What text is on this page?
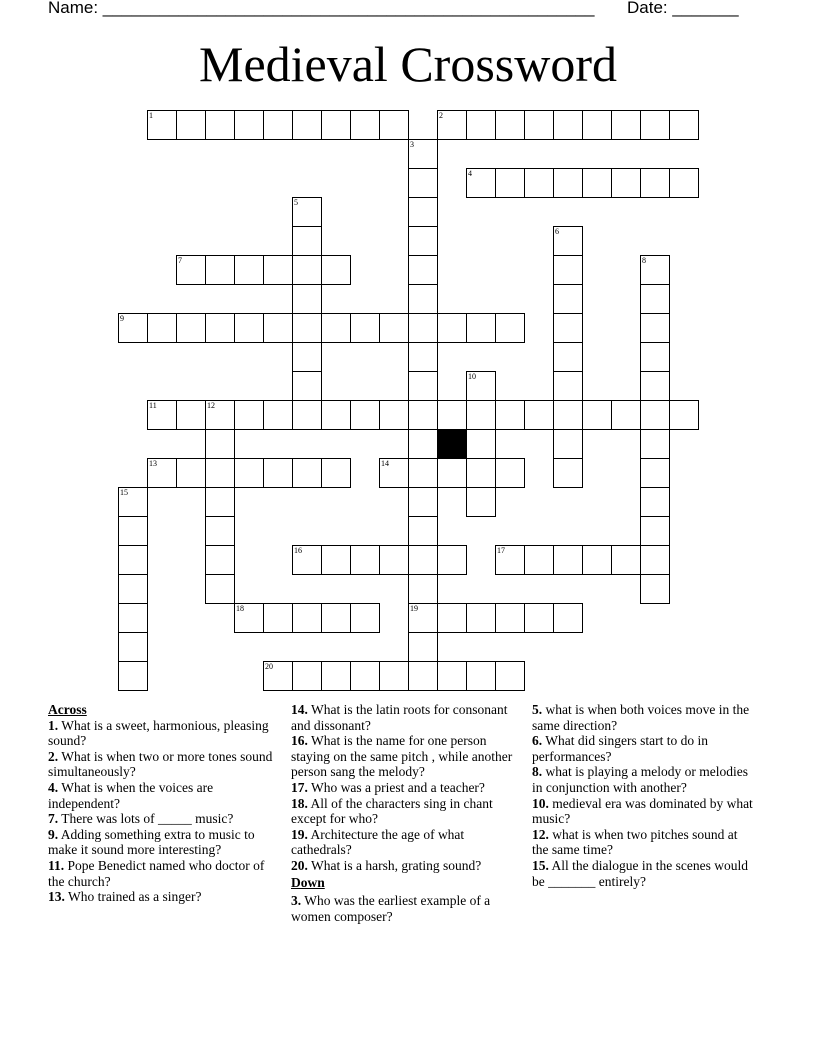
Name: ____________________________________________________ Date: _______
Medieval Crossword
1	2
3
19
4
5
6
7	8
9
10
11	12
13	14
15
16	17
18
20
Across
1. What is a sweet, harmonious, pleasing sound?
2. What is when two or more tones sound simultaneously?
4. What is when the voices are independent?
7. There was lots of _____ music?
9. Adding something extra to music to make it sound more interesting?
11. Pope Benedict named who doctor of the church?
13. Who trained as a singer?
14. What is the latin roots for consonant and dissonant?
16. What is the name for one person staying on the same pitch , while another person sang the melody?
17. Who was a priest and a teacher?
18. All of the characters sing in chant except for who?
19. Architecture the age of what cathedrals?
20. What is a harsh, grating sound?
Down
3. Who was the earliest example of a women composer?
5. what is when both voices move in the same direction?
6. What did singers start to do in performances?
8. what is playing a melody or melodies in conjunction with another?
10. medieval era was dominated by what music?
12. what is when two pitches sound at the same time?
15. All the dialogue in the scenes would be _______ entirely?
